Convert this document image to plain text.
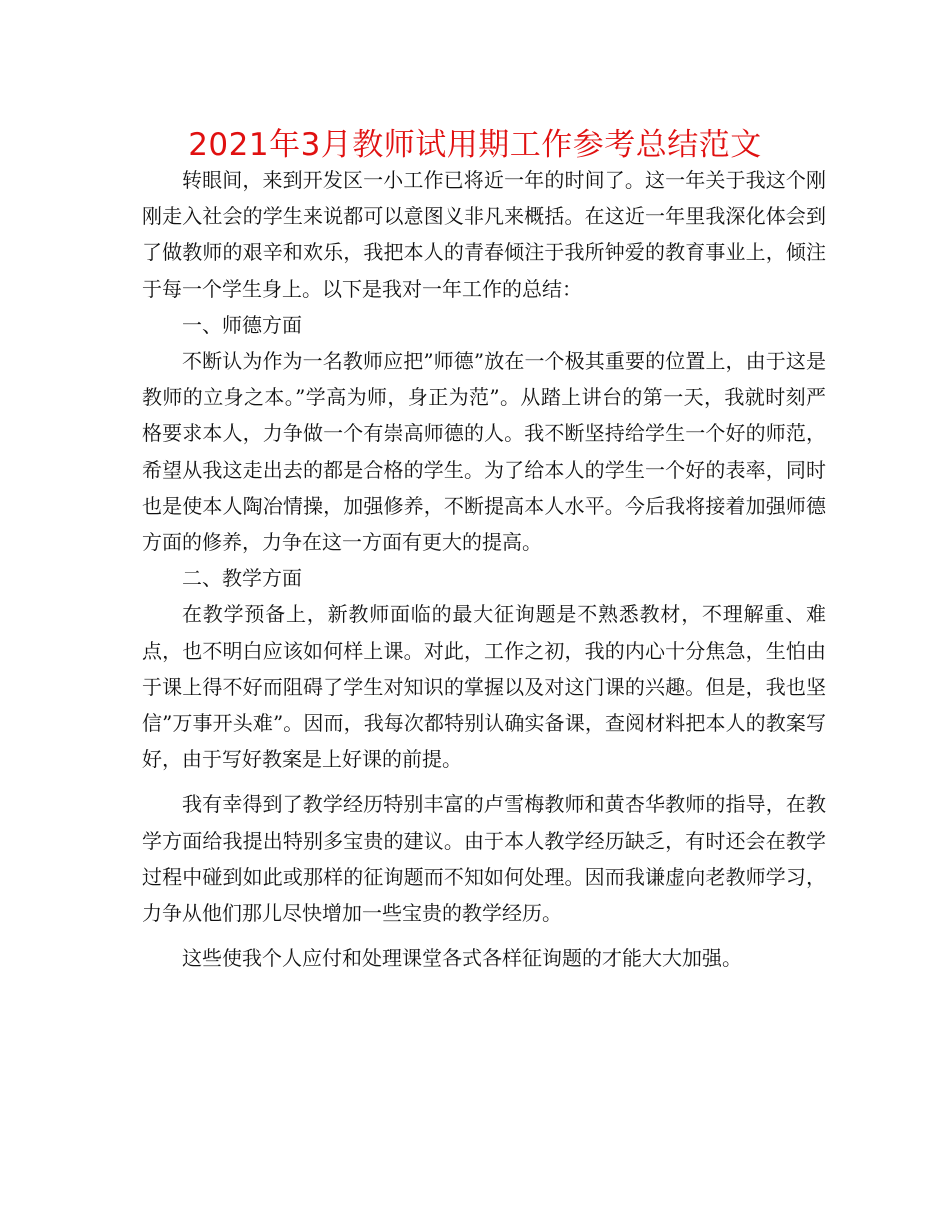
2021年3月教师试用期工作参考总结范文

转眼间，来到开发区一小工作已将近一年的时间了。这一年关于我这个刚刚走入社会的学生来说都可以意图义非凡来概括。在这近一年里我深化体会到了做教师的艰辛和欢乐，我把本人的青春倾注于我所钟爱的教育事业上，倾注于每一个学生身上。以下是我对一年工作的总结：

一、师德方面

不断认为作为一名教师应把”师德”放在一个极其重要的位置上，由于这是教师的立身之本。”学高为师，身正为范”。从踏上讲台的第一天，我就时刻严格要求本人，力争做一个有崇高师德的人。我不断坚持给学生一个好的师范，希望从我这走出去的都是合格的学生。为了给本人的学生一个好的表率，同时也是使本人陶冶情操，加强修养，不断提高本人水平。今后我将接着加强师德方面的修养，力争在这一方面有更大的提高。

二、教学方面

在教学预备上，新教师面临的最大征询题是不熟悉教材，不理解重、难点，也不明白应该如何样上课。对此，工作之初，我的内心十分焦急，生怕由于课上得不好而阻碍了学生对知识的掌握以及对这门课的兴趣。但是，我也坚信”万事开头难”。因而，我每次都特别认确实备课，查阅材料把本人的教案写好，由于写好教案是上好课的前提。

我有幸得到了教学经历特别丰富的卢雪梅教师和黄杏华教师的指导，在教学方面给我提出特别多宝贵的建议。由于本人教学经历缺乏，有时还会在教学过程中碰到如此或那样的征询题而不知如何处理。因而我谦虚向老教师学习，力争从他们那儿尽快增加一些宝贵的教学经历。

这些使我个人应付和处理课堂各式各样征询题的才能大大加强。
